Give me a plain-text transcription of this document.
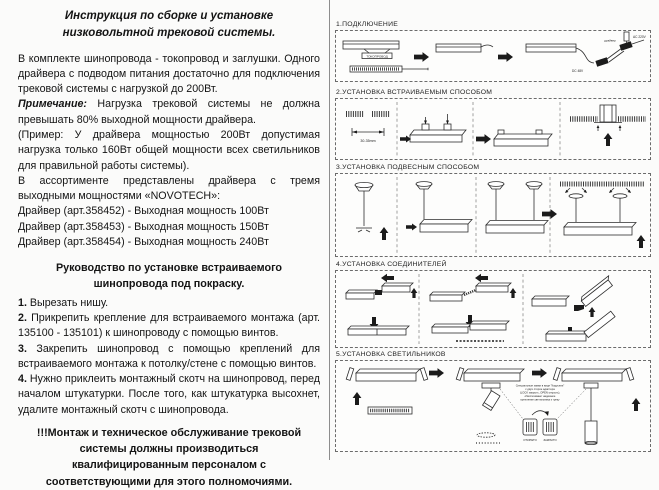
Инструкция по сборке и установке низковольтной трековой системы.
В комплекте шинопровода - токопровод и заглушки. Одного драйвера с подводом питания достаточно для подключения трековой системы с нагрузкой до 200Вт.
Примечание: Нагрузка трековой системы не должна превышать 80% выходной мощности драйвера.
(Пример: У драйвера мощностью 200Вт допустимая нагрузка только 160Вт общей мощности всех светильников для правильной работы системы).
В ассортименте представлены драйвера с тремя выходными мощностями «NOVOTECH»:
Драйвер (арт.358452) - Выходная мощность 100Вт
Драйвер (арт.358453) - Выходная мощность 150Вт
Драйвер (арт.358454) - Выходная мощность 240Вт
Руководство по установке встраиваемого шинопровода под покраску.
1. Вырезать нишу.
2. Прикрепить крепление для встраиваемого монтажа (арт. 135100 - 135101) к шинопроводу с помощью винтов.
3. Закрепить шинопровод с помощью креплений для встраиваемого монтажа к потолку/стене с помощью винтов.
4. Нужно приклеить монтажный скотч на шинопровод, перед началом штукатурки. После того, как штукатурка высохнет, удалите монтажный скотч с шинопровода.
!!!Монтаж и техническое обслуживание трековой системы должны производиться квалифицированным персоналом с соответствующими для этого полномочиями.
1.ПОДКЛЮЧЕНИЕ
ТОКОПРОВОД
DC 48V
драйвер
AC 220V
2.УСТАНОВКА ВСТРАИВАЕМЫМ СПОСОБОМ
30-35mm
3.УСТАНОВКА ПОДВЕСНЫМ СПОСОБОМ
4.УСТАНОВКА СОЕДИНИТЕЛЕЙ
5.УСТАНОВКА СВЕТИЛЬНИКОВ
Специальные замки в виде "Карусели"
с двух сторон адаптера
(LOCK закрыть, OPEN открыть),
обеспечивают надежное
крепление светильника к треку
ОТКРЫТО ЗАКРЫТО
